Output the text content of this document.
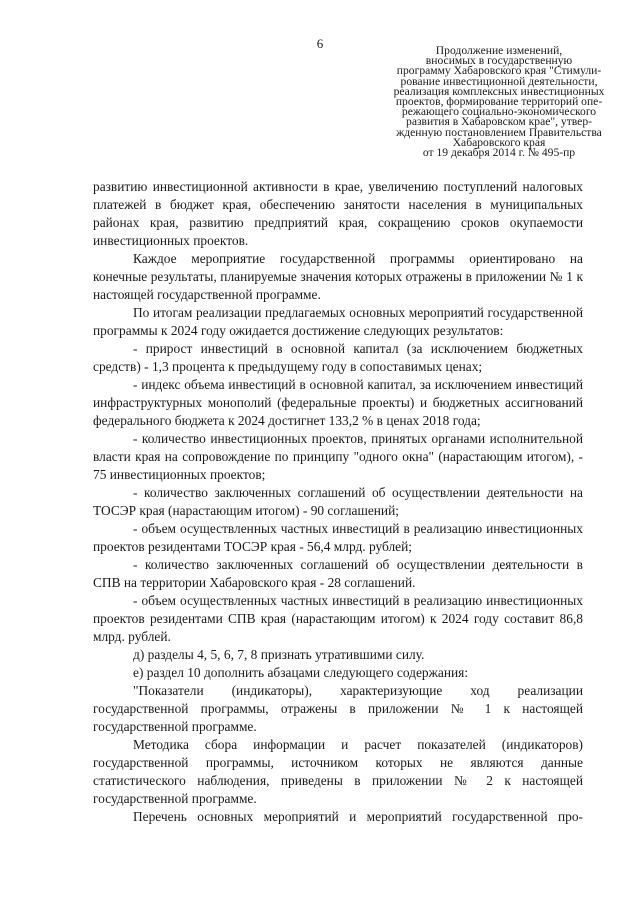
6	Продолжение изменений,
вносимых в государственную
программу Хабаровского края "Стимули-
рование инвестиционной деятельности,
реализация комплексных инвестиционных
проектов, формирование территорий опе-
режающего социально-экономического
развития в Хабаровском крае", утвер-
жденную постановлением Правительства
Хабаровского края
от 19 декабря 2014 г. № 495-пр

развитию инвестиционной активности в крае, увеличению поступлений налоговых платежей в бюджет края, обеспечению занятости населения в муниципальных районах края, развитию предприятий края, сокращению сроков окупаемости инвестиционных проектов.

Каждое мероприятие государственной программы ориентировано на конечные результаты, планируемые значения которых отражены в приложении № 1 к настоящей государственной программе.

По итогам реализации предлагаемых основных мероприятий государственной программы к 2024 году ожидается достижение следующих результатов:

- прирост инвестиций в основной капитал (за исключением бюджетных средств) - 1,3 процента к предыдущему году в сопоставимых ценах;

- индекс объема инвестиций в основной капитал, за исключением инвестиций инфраструктурных монополий (федеральные проекты) и бюджетных ассигнований федерального бюджета к 2024 достигнет 133,2 % в ценах 2018 года;

- количество инвестиционных проектов, принятых органами исполнительной власти края на сопровождение по принципу "одного окна" (нарастающим итогом), - 75 инвестиционных проектов;

- количество заключенных соглашений об осуществлении деятельности на ТОСЭР края (нарастающим итогом) - 90 соглашений;

- объем осуществленных частных инвестиций в реализацию инвестиционных проектов резидентами ТОСЭР края - 56,4 млрд. рублей;

- количество заключенных соглашений об осуществлении деятельности в СПВ на территории Хабаровского края - 28 соглашений.

- объем осуществленных частных инвестиций в реализацию инвестиционных проектов резидентами СПВ края (нарастающим итогом) к 2024 году составит 86,8 млрд. рублей.

д) разделы 4, 5, 6, 7, 8 признать утратившими силу.

е) раздел 10 дополнить абзацами следующего содержания:

"Показатели (индикаторы), характеризующие ход реализации государственной программы, отражены в приложении № 1 к настоящей государственной программе.

Методика сбора информации и расчет показателей (индикаторов) государственной программы, источником которых не являются данные статистического наблюдения, приведены в приложении № 2 к настоящей государственной программе.

Перечень основных мероприятий и мероприятий государственной про-
